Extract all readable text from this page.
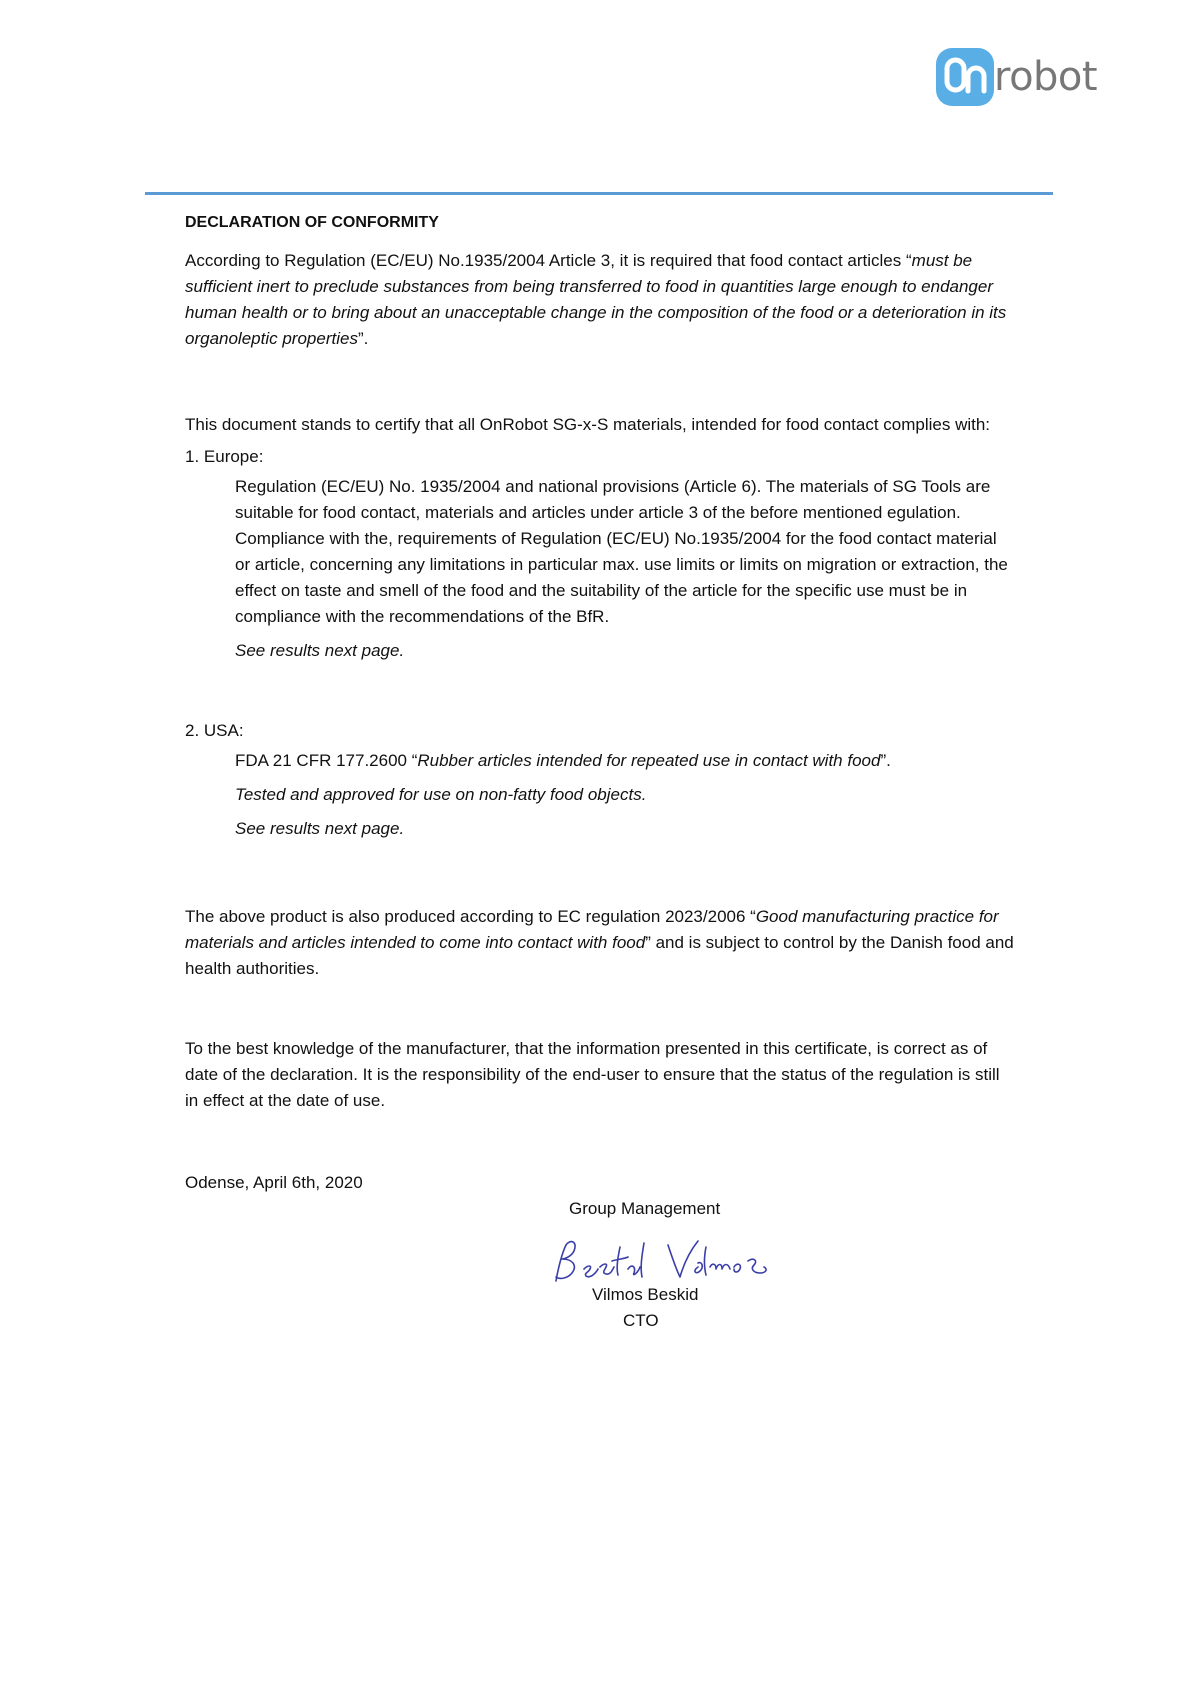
robot
DECLARATION OF CONFORMITY

According to Regulation (EC/EU) No.1935/2004 Article 3, it is required that food contact articles “must be sufficient inert to preclude substances from being transferred to food in quantities large enough to endanger human health or to bring about an unacceptable change in the composition of the food or a deterioration in its organoleptic properties”.

This document stands to certify that all OnRobot SG-x-S materials, intended for food contact complies with:

1. Europe:

Regulation (EC/EU) No. 1935/2004 and national provisions (Article 6). The materials of SG Tools are suitable for food contact, materials and articles under article 3 of the before mentioned egulation. Compliance with the, requirements of Regulation (EC/EU) No.1935/2004 for the food contact material or article, concerning any limitations in particular max. use limits or limits on migration or extraction, the effect on taste and smell of the food and the suitability of the article for the specific use must be in compliance with the recommendations of the BfR.

See results next page.

2. USA:

FDA 21 CFR 177.2600 “Rubber articles intended for repeated use in contact with food”.

Tested and approved for use on non-fatty food objects.

See results next page.

The above product is also produced according to EC regulation 2023/2006 “Good manufacturing practice for materials and articles intended to come into contact with food” and is subject to control by the Danish food and health authorities.

To the best knowledge of the manufacturer, that the information presented in this certificate, is correct as of date of the declaration. It is the responsibility of the end-user to ensure that the status of the regulation is still in effect at the date of use.

Odense, April 6th, 2020

Group Management
Vilmos Beskid
CTO
